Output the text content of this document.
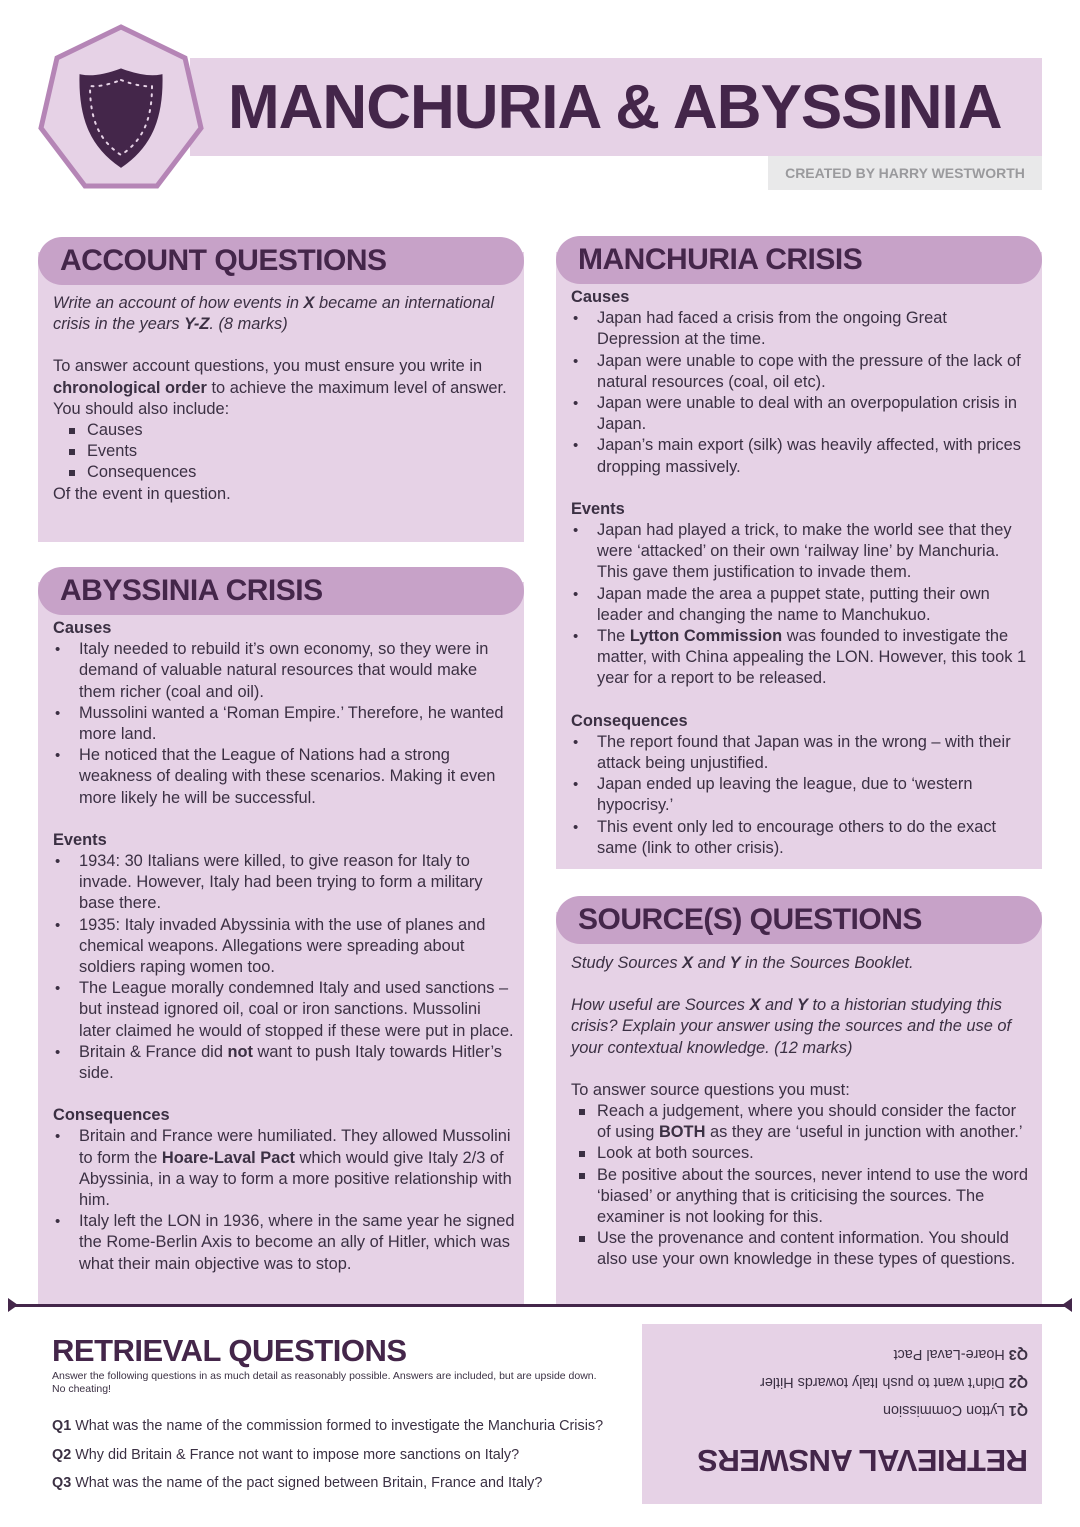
MANCHURIA & ABYSSINIA
CREATED BY HARRY WESTWORTH
ACCOUNT QUESTIONS

Write an account of how events in X became an international crisis in the years Y-Z. (8 marks)

To answer account questions, you must ensure you write in chronological order to achieve the maximum level of answer.

You should also include:

Causes
Events
Consequences

Of the event in question.

ABYSSINIA CRISIS

Causes

• Italy needed to rebuild it’s own economy, so they were in demand of valuable natural resources that would make them richer (coal and oil).
• Mussolini wanted a ‘Roman Empire.’ Therefore, he wanted more land.
• He noticed that the League of Nations had a strong weakness of dealing with these scenarios. Making it even more likely he will be successful.

Events

• 1934: 30 Italians were killed, to give reason for Italy to invade. However, Italy had been trying to form a military base there.
• 1935: Italy invaded Abyssinia with the use of planes and chemical weapons. Allegations were spreading about soldiers raping women too.
• The League morally condemned Italy and used sanctions – but instead ignored oil, coal or iron sanctions. Mussolini later claimed he would of stopped if these were put in place.
• Britain & France did not want to push Italy towards Hitler’s side.

Consequences

• Britain and France were humiliated. They allowed Mussolini to form the Hoare-Laval Pact which would give Italy 2/3 of Abyssinia, in a way to form a more positive relationship with him.
• Italy left the LON in 1936, where in the same year he signed the Rome-Berlin Axis to become an ally of Hitler, which was what their main objective was to stop.
MANCHURIA CRISIS

Causes

• Japan had faced a crisis from the ongoing Great Depression at the time.
• Japan were unable to cope with the pressure of the lack of natural resources (coal, oil etc).
• Japan were unable to deal with an overpopulation crisis in Japan.
• Japan’s main export (silk) was heavily affected, with prices dropping massively.

Events

• Japan had played a trick, to make the world see that they were ‘attacked’ on their own ‘railway line’ by Manchuria. This gave them justification to invade them.
• Japan made the area a puppet state, putting their own leader and changing the name to Manchukuo.
• The Lytton Commission was founded to investigate the matter, with China appealing the LON. However, this took 1 year for a report to be released.

Consequences

• The report found that Japan was in the wrong – with their attack being unjustified.
• Japan ended up leaving the league, due to ‘western hypocrisy.’
• This event only led to encourage others to do the exact same (link to other crisis).
SOURCE(S) QUESTIONS

Study Sources X and Y in the Sources Booklet.

How useful are Sources X and Y to a historian studying this crisis? Explain your answer using the sources and the use of your contextual knowledge. (12 marks)

To answer source questions you must:

Reach a judgement, where you should consider the factor of using BOTH as they are ‘useful in junction with another.’
Look at both sources.
Be positive about the sources, never intend to use the word ‘biased’ or anything that is criticising the sources. The examiner is not looking for this.
Use the provenance and content information. You should also use your own knowledge in these types of questions.
RETRIEVAL QUESTIONS
Answer the following questions in as much detail as reasonably possible. Answers are included, but are upside down. No cheating!
Q1 What was the name of the commission formed to investigate the Manchuria Crisis?
Q2 Why did Britain & France not want to impose more sanctions on Italy?
Q3 What was the name of the pact signed between Britain, France and Italy?
RETRIEVAL ANSWERS
Q1 Lytton Commission
Q2 Didn’t want to push Italy towards Hitler
Q3 Hoare-Laval Pact
